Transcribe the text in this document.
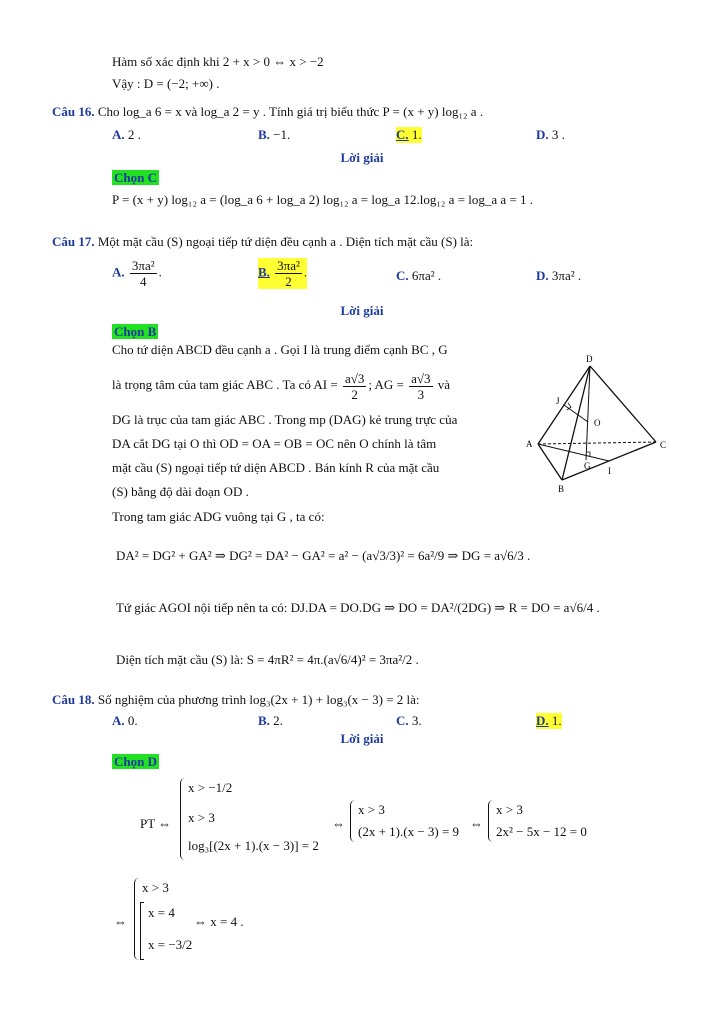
Hàm số xác định khi 2 + x > 0 ⇔ x > −2
Vậy : D = (−2; +∞) .
Câu 16. Cho log_a 6 = x và log_a 2 = y . Tính giá trị biểu thức P = (x + y) log₁₂ a .
A. 2 .	B. −1.	C. 1.	D. 3 .
Lời giải
Chọn C
P = (x + y) log₁₂ a = (log_a 6 + log_a 2) log₁₂ a = log_a 12.log₁₂ a = log_a a = 1 .
Câu 17. Một mặt cầu (S) ngoại tiếp tứ diện đều cạnh a . Diện tích mặt cầu (S) là:
A. $\frac{\text{3πa²}}{4}$ .	B. $\frac{\text{3πa²}}{2}$ .	C. 6πa² .	D. 3πa² .
Lời giải
Chọn B
Cho tứ diện ABCD đều cạnh a . Gọi I là trung điểm cạnh BC , G
là trọng tâm của tam giác ABC . Ta có AI = $\frac{a√3}{2}$ ; AG = $\frac{a√3}{3}$ và
DG là trục của tam giác ABC . Trong mp (DAG) kẻ trung trực của
DA cắt DG tại O thì OD = OA = OB = OC nên O chính là tâm
mặt cầu (S) ngoại tiếp tứ diện ABCD . Bán kính R của mặt cầu
(S) bằng độ dài đoạn OD .
Trong tam giác ADG vuông tại G , ta có:
DA² = DG² + GA² ⇒ DG² = DA² − GA² = a² − (a√3/3)² = 6a²/9 ⇒ DG = a√6/3 .
Tứ giác AGOI nội tiếp nên ta có: DJ.DA = DO.DG ⇒ DO = DA²/(2DG) ⇒ R = DO = a√6/4 .
Diện tích mặt cầu (S) là: S = 4πR² = 4π.(a√6/4)² = 3πa²/2 .
D
J
O
A	C
G I
B
Câu 18. Số nghiệm của phương trình log₃(2x + 1) + log₃(x − 3) = 2 là:
A. 0.	B. 2.	C. 3.	D. 1.
Lời giải
Chọn D
PT ⇔
x > −1/2
x > 3
log₃[(2x + 1).(x − 3)] = 2
⇔
x > 3
(2x + 1).(x − 3) = 9
⇔
x > 3
2x² − 5x − 12 = 0
⇔
x > 3
x = 4
x = −3/2
⇔ x = 4 .
